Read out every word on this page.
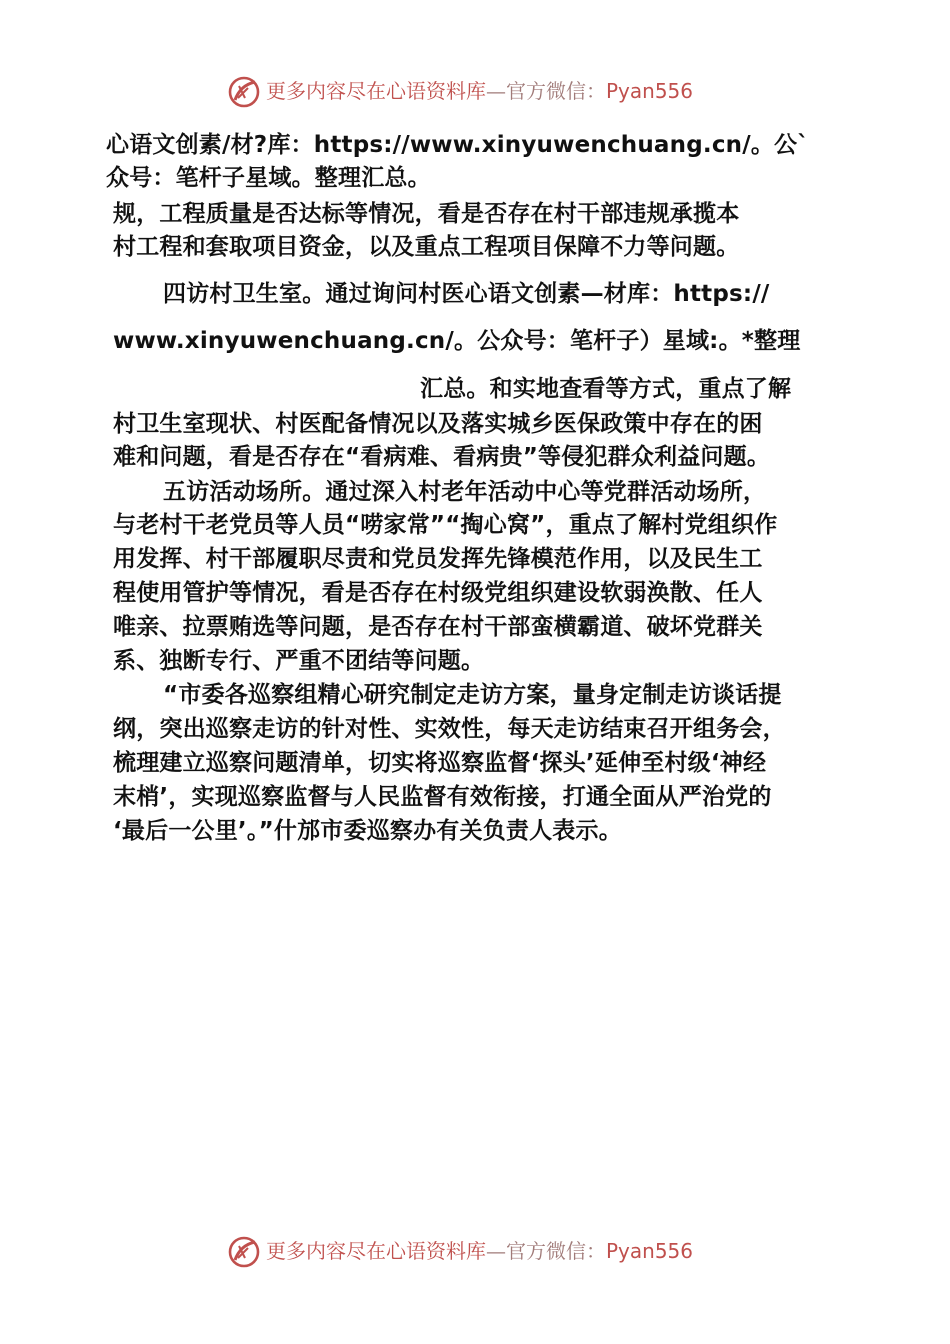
更多内容尽在心语资料库—官方微信：Pyan556
心语文创素/材?库：https://www.xinyuwenchuang.cn/。公`
众号：笔杆子星域。整理汇总。
规，工程质量是否达标等情况，看是否存在村干部违规承揽本
村工程和套取项目资金，以及重点工程项目保障不力等问题。
四访村卫生室。通过询问村医心语文创素—材库：https://
www.xinyuwenchuang.cn/。公众号：笔杆子）星域:。*整理
汇总。和实地查看等方式，重点了解
村卫生室现状、村医配备情况以及落实城乡医保政策中存在的困
难和问题，看是否存在“看病难、看病贵”等侵犯群众利益问题。
五访活动场所。通过深入村老年活动中心等党群活动场所，
与老村干老党员等人员“唠家常”“掏心窝”，重点了解村党组织作
用发挥、村干部履职尽责和党员发挥先锋模范作用，以及民生工
程使用管护等情况，看是否存在村级党组织建设软弱涣散、任人
唯亲、拉票贿选等问题，是否存在村干部蛮横霸道、破坏党群关
系、独断专行、严重不团结等问题。
“市委各巡察组精心研究制定走访方案，量身定制走访谈话提
纲，突出巡察走访的针对性、实效性，每天走访结束召开组务会，
梳理建立巡察问题清单，切实将巡察监督‘探头’延伸至村级‘神经
末梢’，实现巡察监督与人民监督有效衔接，打通全面从严治党的
‘最后一公里’。”什邡市委巡察办有关负责人表示。
更多内容尽在心语资料库—官方微信：Pyan556
